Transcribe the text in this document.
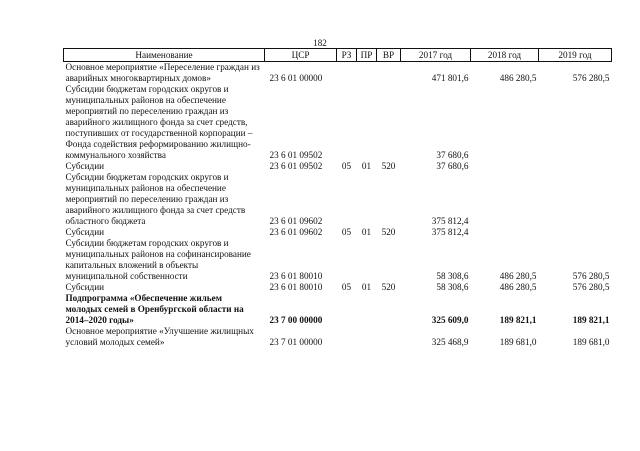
182
Наименование	ЦСР	РЗ	ПР	ВР	2017 год	2018 год	2019 год
Основное мероприятие «Переселение граждан из аварийных многоквартирных домов»	23 6 01 00000				471 801,6	486 280,5	576 280,5
Субсидии бюджетам городских округов и муниципальных районов на обеспечение мероприятий по переселению граждан из аварийного жилищного фонда за счет средств, поступивших от государственной корпорации – Фонда содействия реформированию жилищно-коммунального хозяйства	23 6 01 09502				37 680,6		
Субсидии	23 6 01 09502	05	01	520	37 680,6		
Субсидии бюджетам городских округов и муниципальных районов на обеспечение мероприятий по переселению граждан из аварийного жилищного фонда за счет средств областного бюджета	23 6 01 09602				375 812,4		
Субсидии	23 6 01 09602	05	01	520	375 812,4		
Субсидии бюджетам городских округов и муниципальных районов на софинансирование капитальных вложений в объекты муниципальной собственности	23 6 01 80010				58 308,6	486 280,5	576 280,5
Субсидии	23 6 01 80010	05	01	520	58 308,6	486 280,5	576 280,5
Подпрограмма «Обеспечение жильем молодых семей в Оренбургской области на 2014–2020 годы»	23 7 00 00000				325 609,0	189 821,1	189 821,1
Основное мероприятие «Улучшение жилищных условий молодых семей»	23 7 01 00000				325 468,9	189 681,0	189 681,0
